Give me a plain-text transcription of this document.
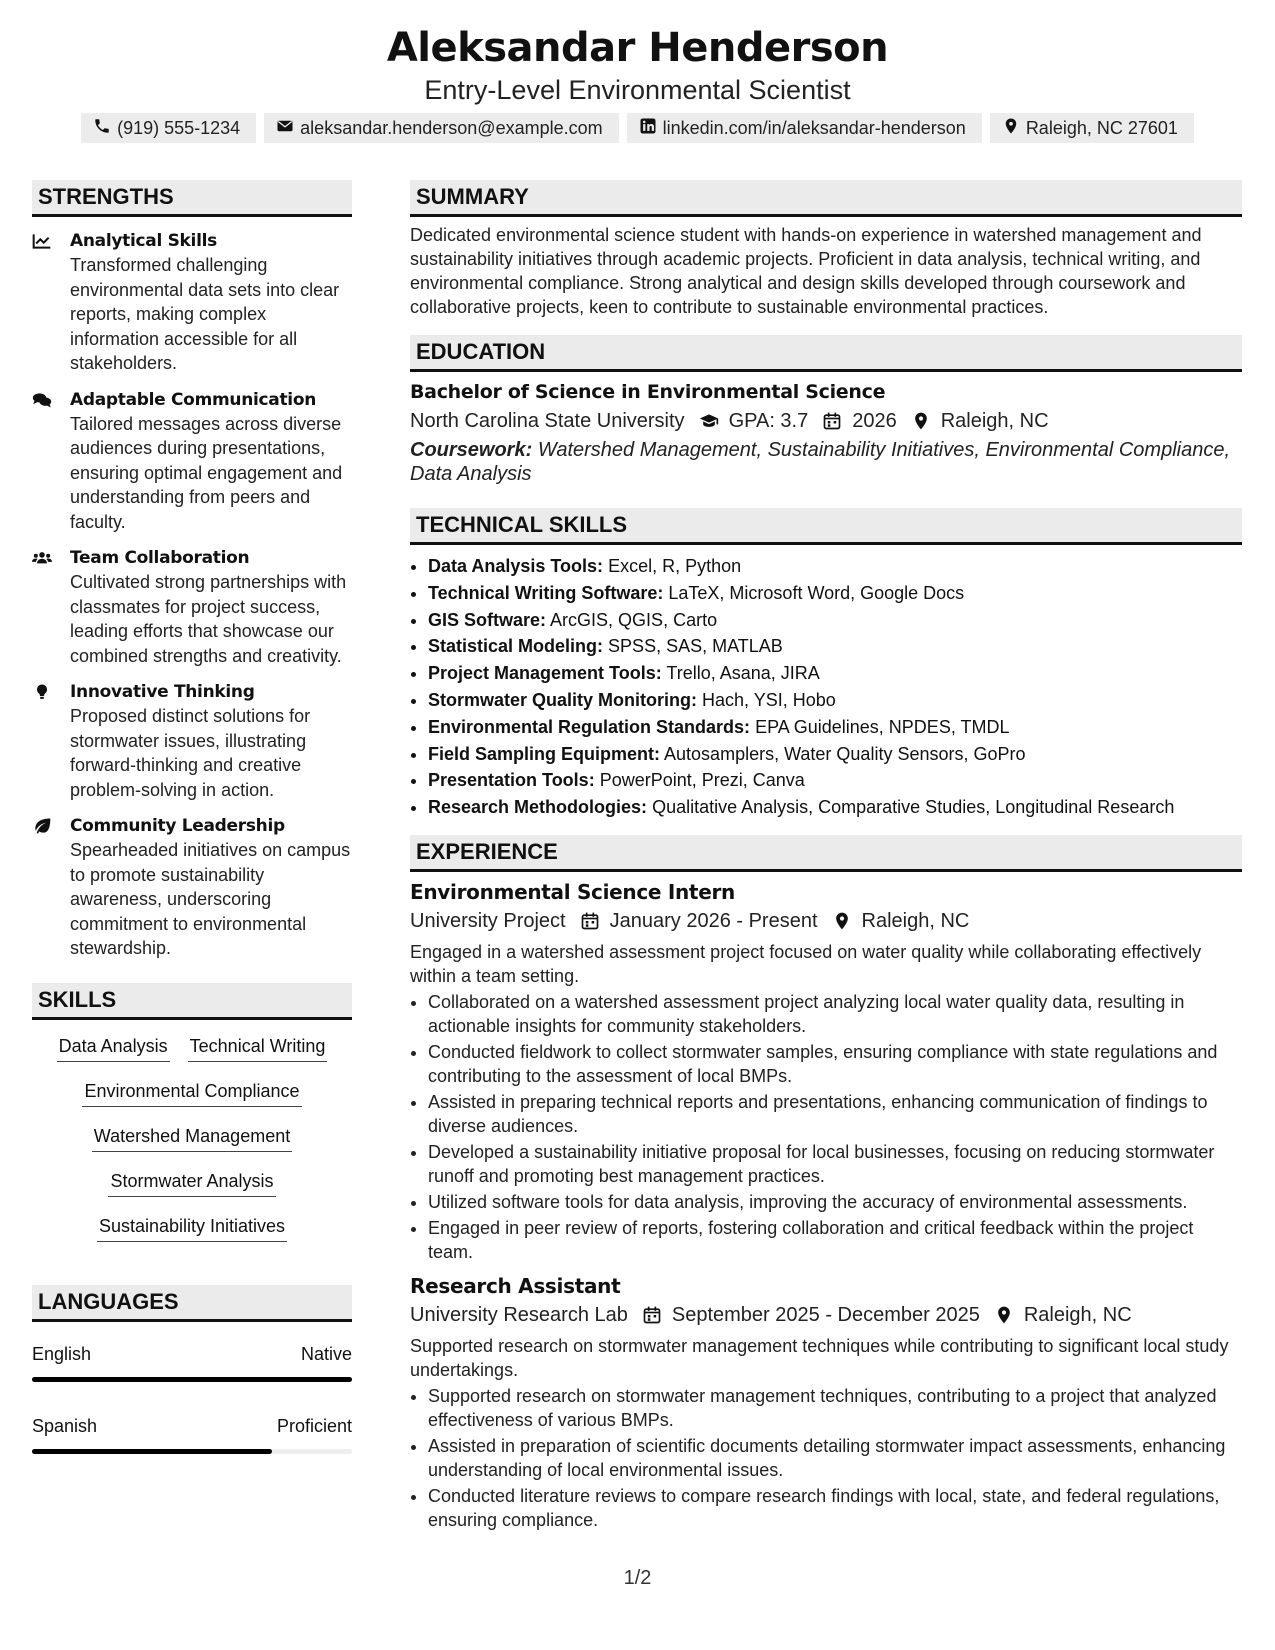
Aleksandar Henderson
Entry-Level Environmental Scientist
(919) 555-1234	aleksandar.henderson@example.com	linkedin.com/in/aleksandar-henderson	Raleigh, NC 27601
STRENGTHS
Analytical Skills
Transformed challenging environmental data sets into clear reports, making complex information accessible for all stakeholders.
Adaptable Communication
Tailored messages across diverse audiences during presentations, ensuring optimal engagement and understanding from peers and faculty.
Team Collaboration
Cultivated strong partnerships with classmates for project success, leading efforts that showcase our combined strengths and creativity.
Innovative Thinking
Proposed distinct solutions for stormwater issues, illustrating forward-thinking and creative problem-solving in action.
Community Leadership
Spearheaded initiatives on campus to promote sustainability awareness, underscoring commitment to environmental stewardship.
SKILLS
Data Analysis Technical Writing
Environmental Compliance
Watershed Management
Stormwater Analysis
Sustainability Initiatives
LANGUAGES
English	Native
Spanish	Proficient
SUMMARY
Dedicated environmental science student with hands-on experience in watershed management and sustainability initiatives through academic projects. Proficient in data analysis, technical writing, and environmental compliance. Strong analytical and design skills developed through coursework and collaborative projects, keen to contribute to sustainable environmental practices.
EDUCATION
Bachelor of Science in Environmental Science
North Carolina State University GPA: 3.7 2026 Raleigh, NC
Coursework: Watershed Management, Sustainability Initiatives, Environmental Compliance, Data Analysis
TECHNICAL SKILLS
• Data Analysis Tools: Excel, R, Python
• Technical Writing Software: LaTeX, Microsoft Word, Google Docs
• GIS Software: ArcGIS, QGIS, Carto
• Statistical Modeling: SPSS, SAS, MATLAB
• Project Management Tools: Trello, Asana, JIRA
• Stormwater Quality Monitoring: Hach, YSI, Hobo
• Environmental Regulation Standards: EPA Guidelines, NPDES, TMDL
• Field Sampling Equipment: Autosamplers, Water Quality Sensors, GoPro
• Presentation Tools: PowerPoint, Prezi, Canva
• Research Methodologies: Qualitative Analysis, Comparative Studies, Longitudinal Research
EXPERIENCE
Environmental Science Intern
University Project January 2026 - Present Raleigh, NC
Engaged in a watershed assessment project focused on water quality while collaborating effectively within a team setting.
• Collaborated on a watershed assessment project analyzing local water quality data, resulting in actionable insights for community stakeholders.
• Conducted fieldwork to collect stormwater samples, ensuring compliance with state regulations and contributing to the assessment of local BMPs.
• Assisted in preparing technical reports and presentations, enhancing communication of findings to diverse audiences.
• Developed a sustainability initiative proposal for local businesses, focusing on reducing stormwater runoff and promoting best management practices.
• Utilized software tools for data analysis, improving the accuracy of environmental assessments.
• Engaged in peer review of reports, fostering collaboration and critical feedback within the project team.
Research Assistant
University Research Lab September 2025 - December 2025 Raleigh, NC
Supported research on stormwater management techniques while contributing to significant local study undertakings.
• Supported research on stormwater management techniques, contributing to a project that analyzed effectiveness of various BMPs.
• Assisted in preparation of scientific documents detailing stormwater impact assessments, enhancing understanding of local environmental issues.
• Conducted literature reviews to compare research findings with local, state, and federal regulations, ensuring compliance.
1/2
